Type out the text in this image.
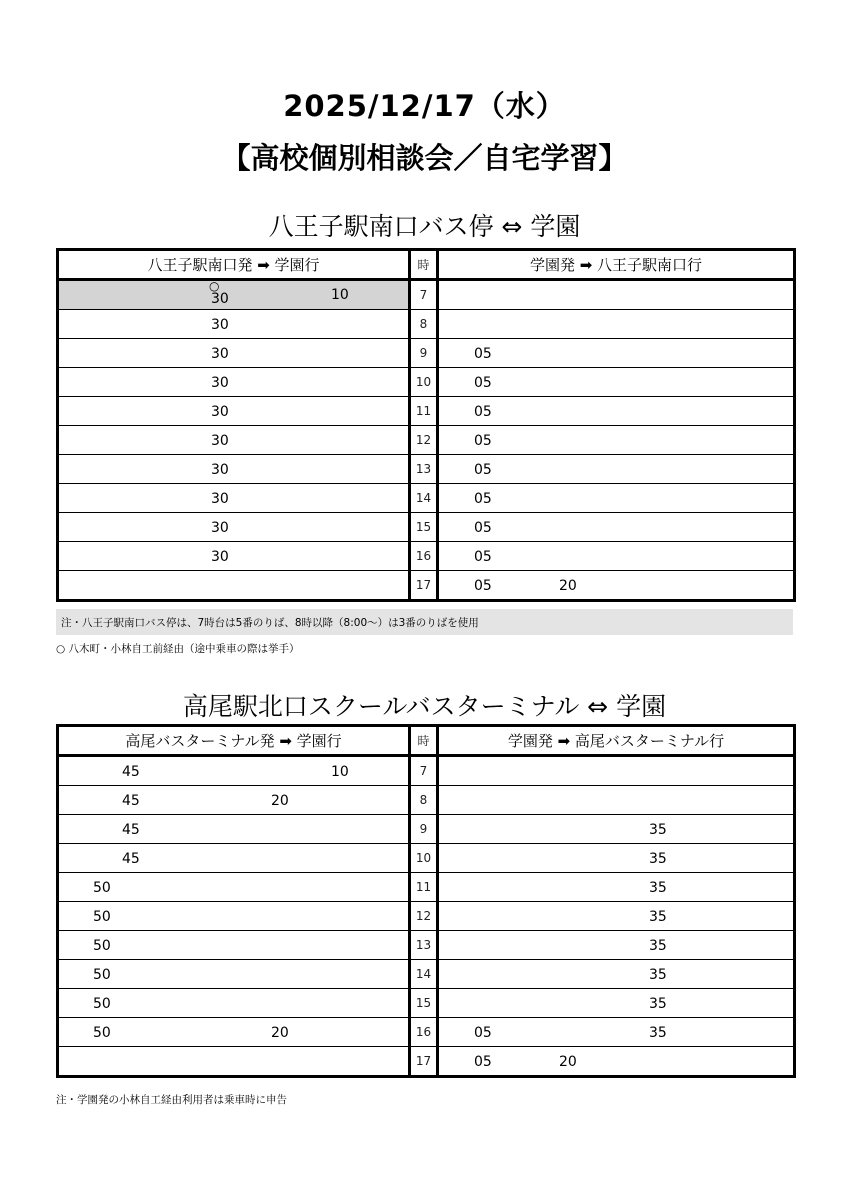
2025/12/17（水）
【高校個別相談会／自宅学習】
八王子駅南口バス停 ⇔ 学園
八王子駅南口発 ➡ 学園行	時	学園発 ➡ 八王子駅南口行

○
30 10	7	

30	8	

30	9	05

30	10	05

30	11	05

30	12	05

30	13	05

30	14	05

30	15	05

30	16	05

	17	05 20
注・八王子駅南口バス停は、7時台は5番のりば、8時以降（8:00～）は3番のりばを使用
○ 八木町・小林自工前経由（途中乗車の際は挙手）
高尾駅北口スクールバスターミナル ⇔ 学園
高尾バスターミナル発 ➡ 学園行	時	学園発 ➡ 高尾バスターミナル行

45 10	7	

45 20	8	

45	9	35

45	10	35

50	11	35

50	12	35

50	13	35

50	14	35

50	15	35

50 20	16	05 35

	17	05 20
注・学園発の小林自工経由利用者は乗車時に申告
